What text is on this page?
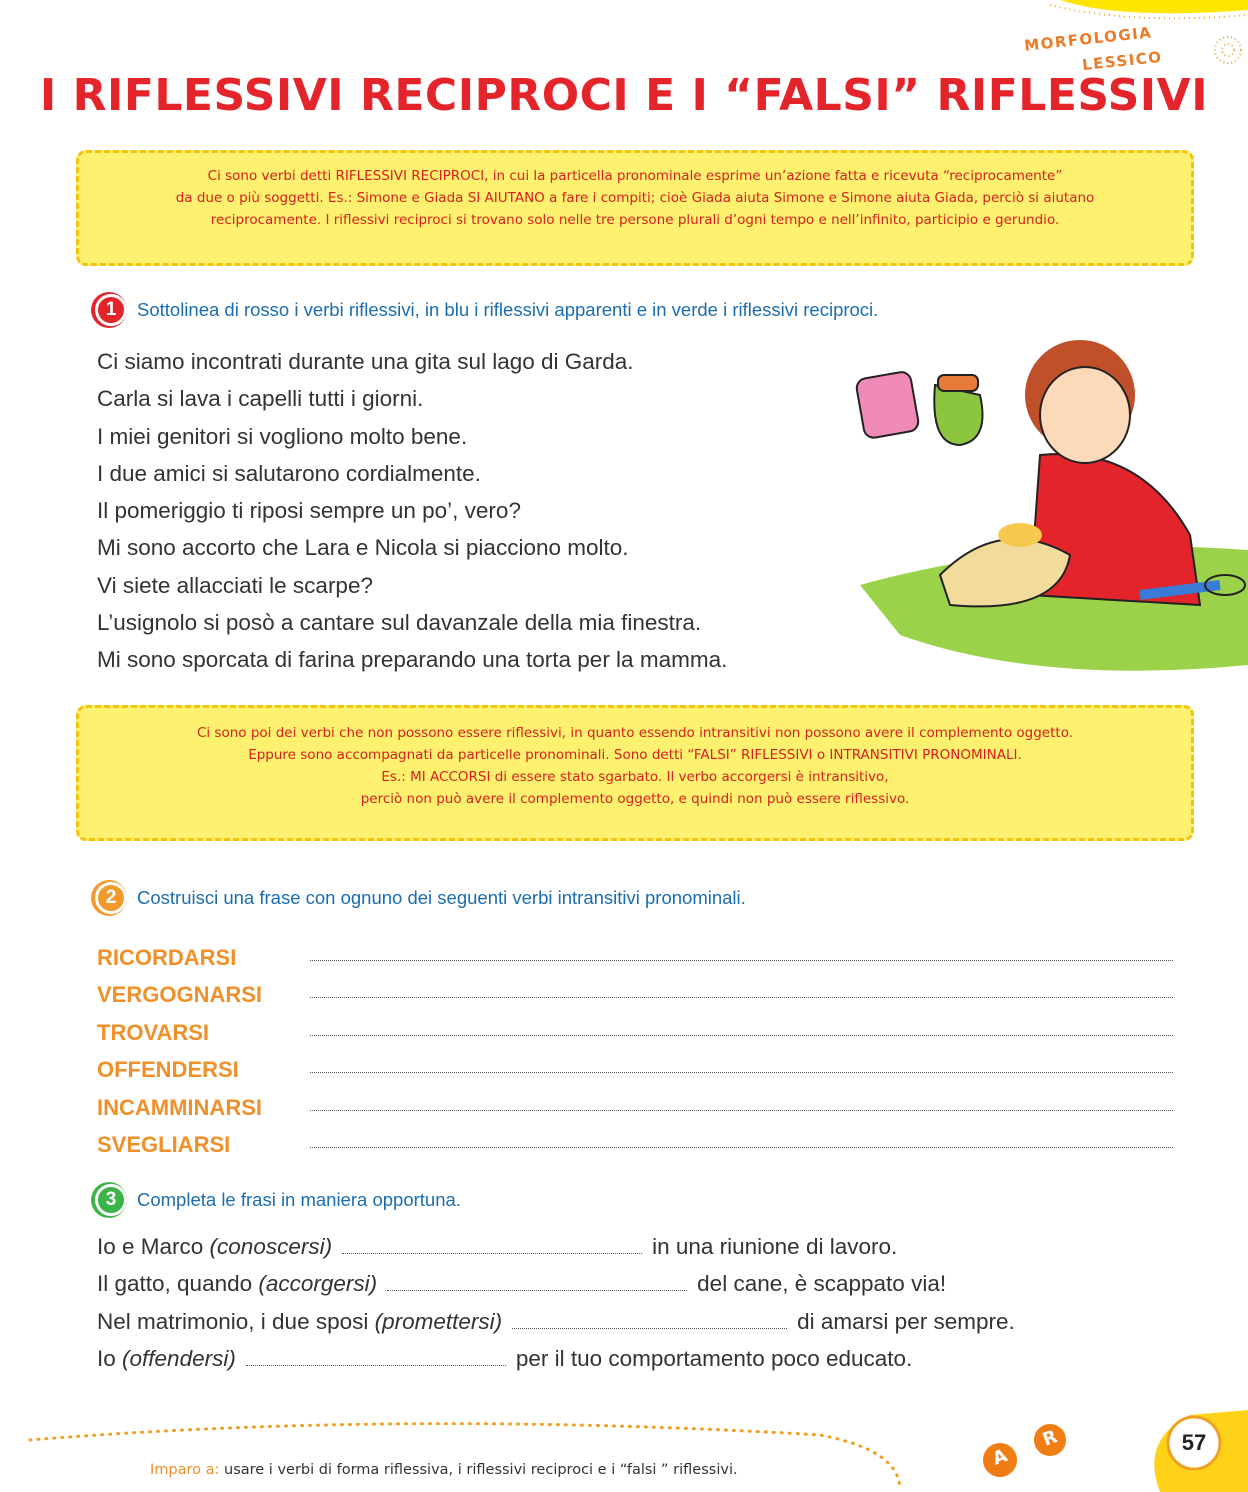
MORFOLOGIA
LESSICO
I RIFLESSIVI RECIPROCI E I “FALSI” RIFLESSIVI
Ci sono verbi detti RIFLESSIVI RECIPROCI, in cui la particella pronominale esprime un’azione fatta e ricevuta “reciprocamente”
da due o più soggetti. Es.: Simone e Giada SI AIUTANO a fare i compiti; cioè Giada aiuta Simone e Simone aiuta Giada, perciò si aiutano
reciprocamente. I riflessivi reciproci si trovano solo nelle tre persone plurali d’ogni tempo e nell’infinito, participio e gerundio.
1	Sottolinea di rosso i verbi riflessivi, in blu i riflessivi apparenti e in verde i riflessivi reciproci.
Ci siamo incontrati durante una gita sul lago di Garda.
Carla si lava i capelli tutti i giorni.
I miei genitori si vogliono molto bene.
I due amici si salutarono cordialmente.
Il pomeriggio ti riposi sempre un po’, vero?
Mi sono accorto che Lara e Nicola si piacciono molto.
Vi siete allacciati le scarpe?
L’usignolo si posò a cantare sul davanzale della mia finestra.
Mi sono sporcata di farina preparando una torta per la mamma.
Ci sono poi dei verbi che non possono essere riflessivi, in quanto essendo intransitivi non possono avere il complemento oggetto.
Eppure sono accompagnati da particelle pronominali. Sono detti “FALSI” RIFLESSIVI o INTRANSITIVI PRONOMINALI.
Es.: MI ACCORSI di essere stato sgarbato. Il verbo accorgersi è intransitivo,
perciò non può avere il complemento oggetto, e quindi non può essere riflessivo.
2	Costruisci una frase con ognuno dei seguenti verbi intransitivi pronominali.
RICORDARSI
VERGOGNARSI
TROVARSI
OFFENDERSI
INCAMMINARSI
SVEGLIARSI
3	Completa le frasi in maniera opportuna.
Io e Marco (conoscersi)	in una riunione di lavoro.
Il gatto, quando (accorgersi)	del cane, è scappato via!
Nel matrimonio, i due sposi (promettersi)	di amarsi per sempre.
Io (offendersi)	per il tuo comportamento poco educato.
A
R	57
Imparo a: usare i verbi di forma riflessiva, i riflessivi reciproci e i “falsi ” riflessivi.
